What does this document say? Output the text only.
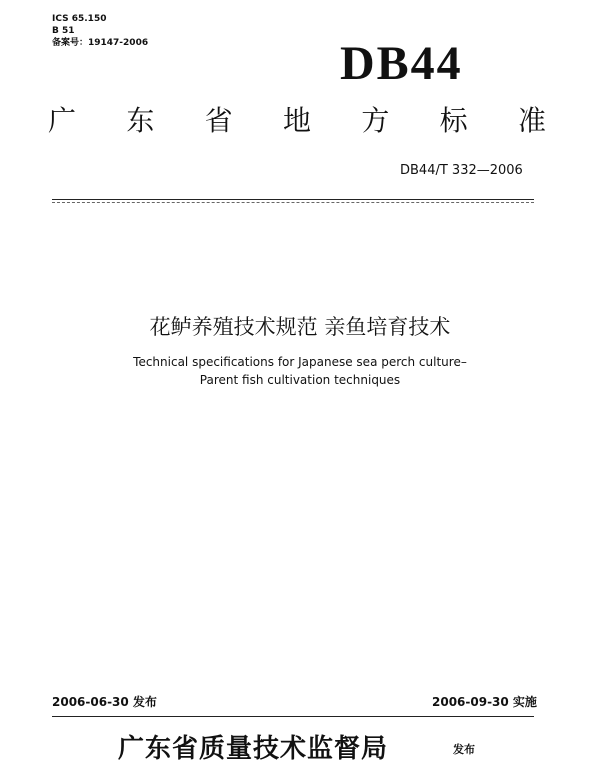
ICS 65.150
B 51
备案号：19147-2006	DB44
广 东 省 地 方 标 准
DB44/T 332—2006
花鲈养殖技术规范 亲鱼培育技术
Technical specifications for Japanese sea perch culture–
Parent fish cultivation techniques
2006-06-30 发布	2006-09-30 实施
广东省质量技术监督局	发布
